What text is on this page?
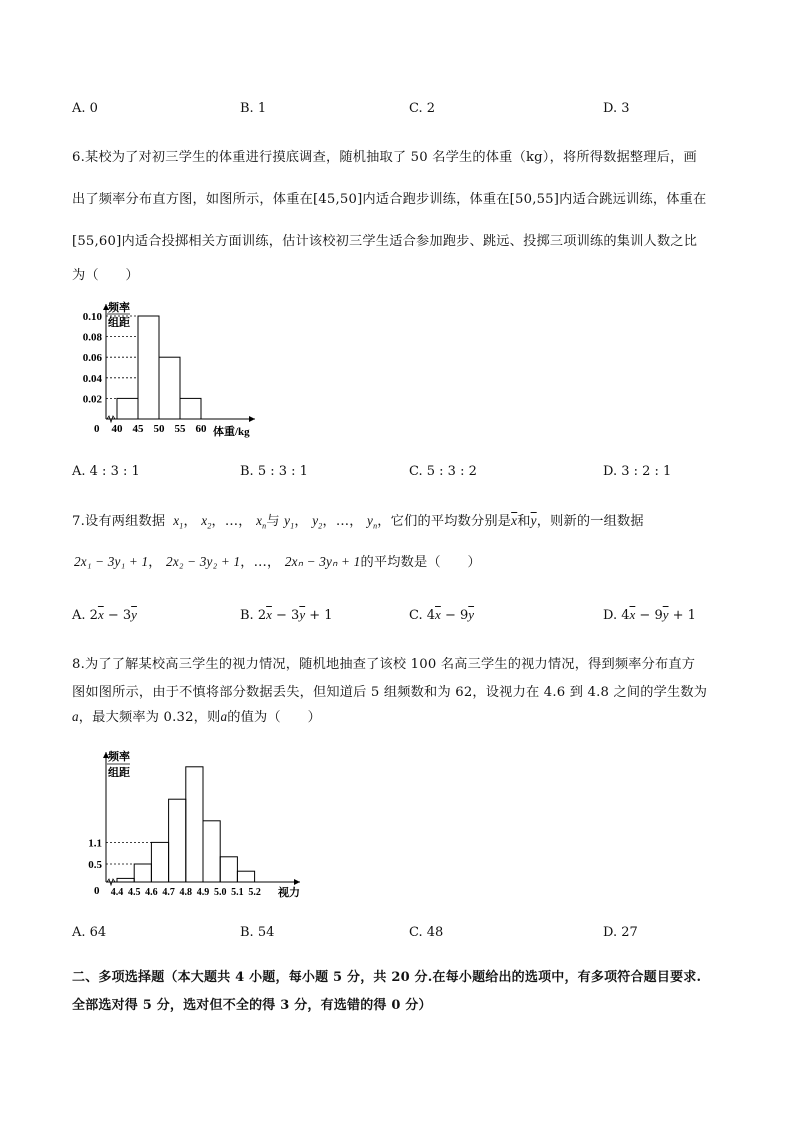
A. 0	B. 1	C. 2	D. 3
6.某校为了对初三学生的体重进行摸底调查，随机抽取了 50 名学生的体重（kg），将所得数据整理后，画
出了频率分布直方图，如图所示，体重在[45,50]内适合跑步训练，体重在[50,55]内适合跳远训练，体重在
[55,60]内适合投掷相关方面训练，估计该校初三学生适合参加跑步、跳远、投掷三项训练的集训人数之比
为（　　）
频率
组距
0	体重/kg
0.10
0.08
0.06
0.04
0.02
40 45 50 55 60
A. 4 : 3 : 1	B. 5 : 3 : 1	C. 5 : 3 : 2	D. 3 : 2 : 1
7.设有两组数据 $x_1$， $x_2$，…， $x_n$与 $y_1$， $y_2$，…， $y_n$，它们的平均数分别是$\overline{x}$和$\overline{y}$，则新的一组数据
2x₁ − 3y₁ + 1， 2x₂ − 3y₂ + 1，…， 2xₙ − 3yₙ + 1的平均数是（　　）
A. $2\overline{x} - 3\overline{y}$	B. $2\overline{x} - 3\overline{y} + 1$	C. $4\overline{x} - 9\overline{y}$	D. $4\overline{x} - 9\overline{y} + 1$
8.为了了解某校高三学生的视力情况，随机地抽查了该校 100 名高三学生的视力情况，得到频率分布直方
图如图所示，由于不慎将部分数据丢失，但知道后 5 组频数和为 62，设视力在 4.6 到 4.8 之间的学生数为
a，最大频率为 0.32，则a的值为（　　）
频率
组距
0	视力
1.1
0.5
4.4 4.5 4.6 4.7 4.8 4.9 5.0 5.1 5.2
A. 64	B. 54	C. 48	D. 27
二、多项选择题（本大题共 4 小题，每小题 5 分，共 20 分.在每小题给出的选项中，有多项符合题目要求.
全部选对得 5 分，选对但不全的得 3 分，有选错的得 0 分）
